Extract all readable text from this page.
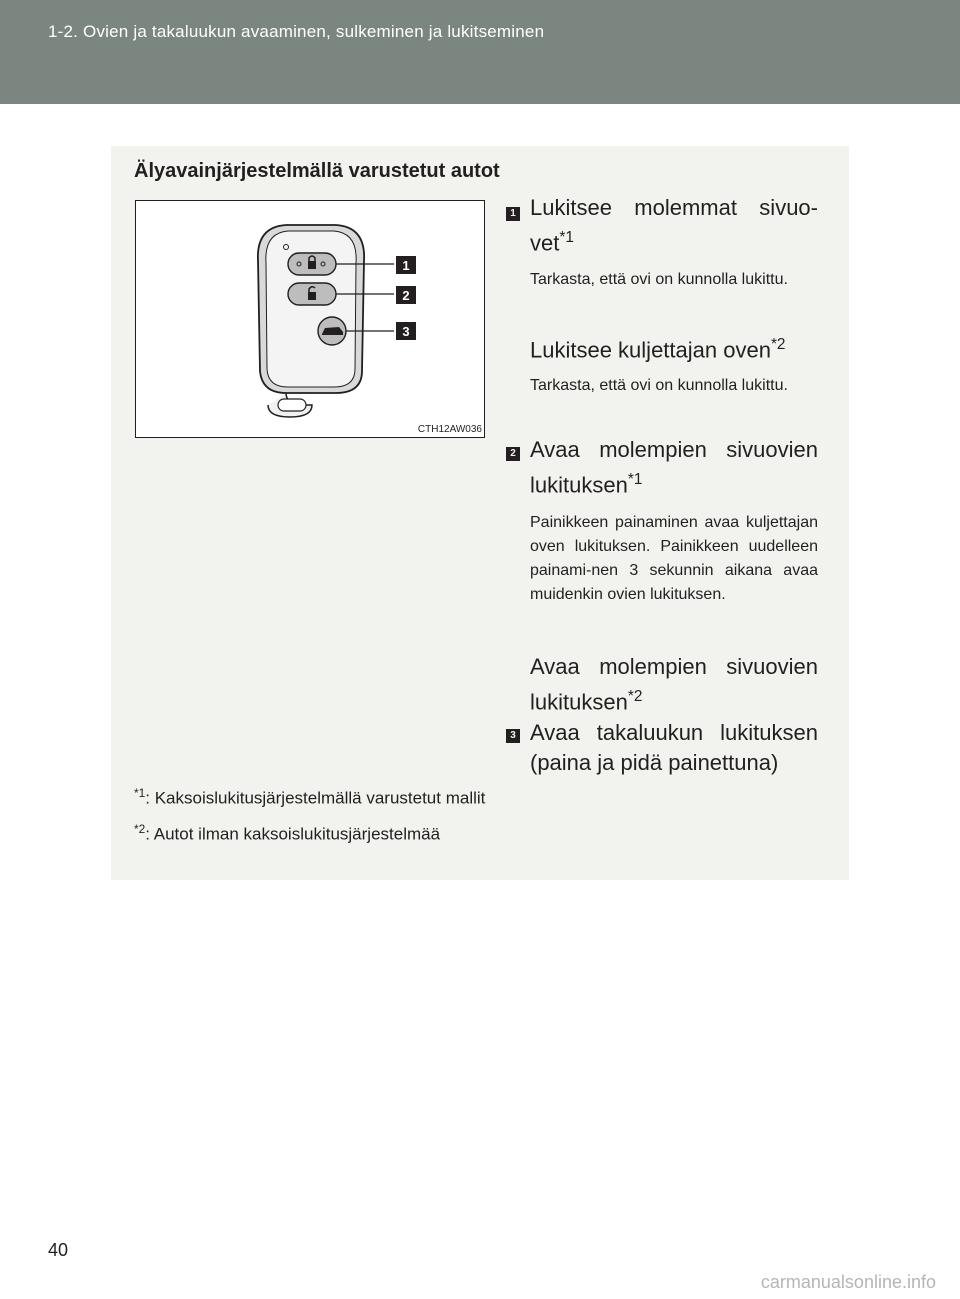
1-2. Ovien ja takaluukun avaaminen, sulkeminen ja lukitseminen
Älyavainjärjestelmällä varustetut autot
1
2
3
CTH12AW036
1 Lukitsee molemmat sivuo-vet$^{*1}$
Tarkasta, että ovi on kunnolla lukittu.
Lukitsee kuljettajan oven$^{*2}$
Tarkasta, että ovi on kunnolla lukittu.
2 Avaa molempien sivuovien lukituksen$^{*1}$
Painikkeen painaminen avaa kuljettajan oven lukituksen. Painikkeen uudelleen painami-nen 3 sekunnin aikana avaa muidenkin ovien lukituksen.
Avaa molempien sivuovien lukituksen$^{*2}$
3 Avaa takaluukun lukituksen (paina ja pidä painettuna)
$^{*1}$: Kaksoislukitusjärjestelmällä varustetut mallit
$^{*2}$: Autot ilman kaksoislukitusjärjestelmää
40
carmanualsonline.info
